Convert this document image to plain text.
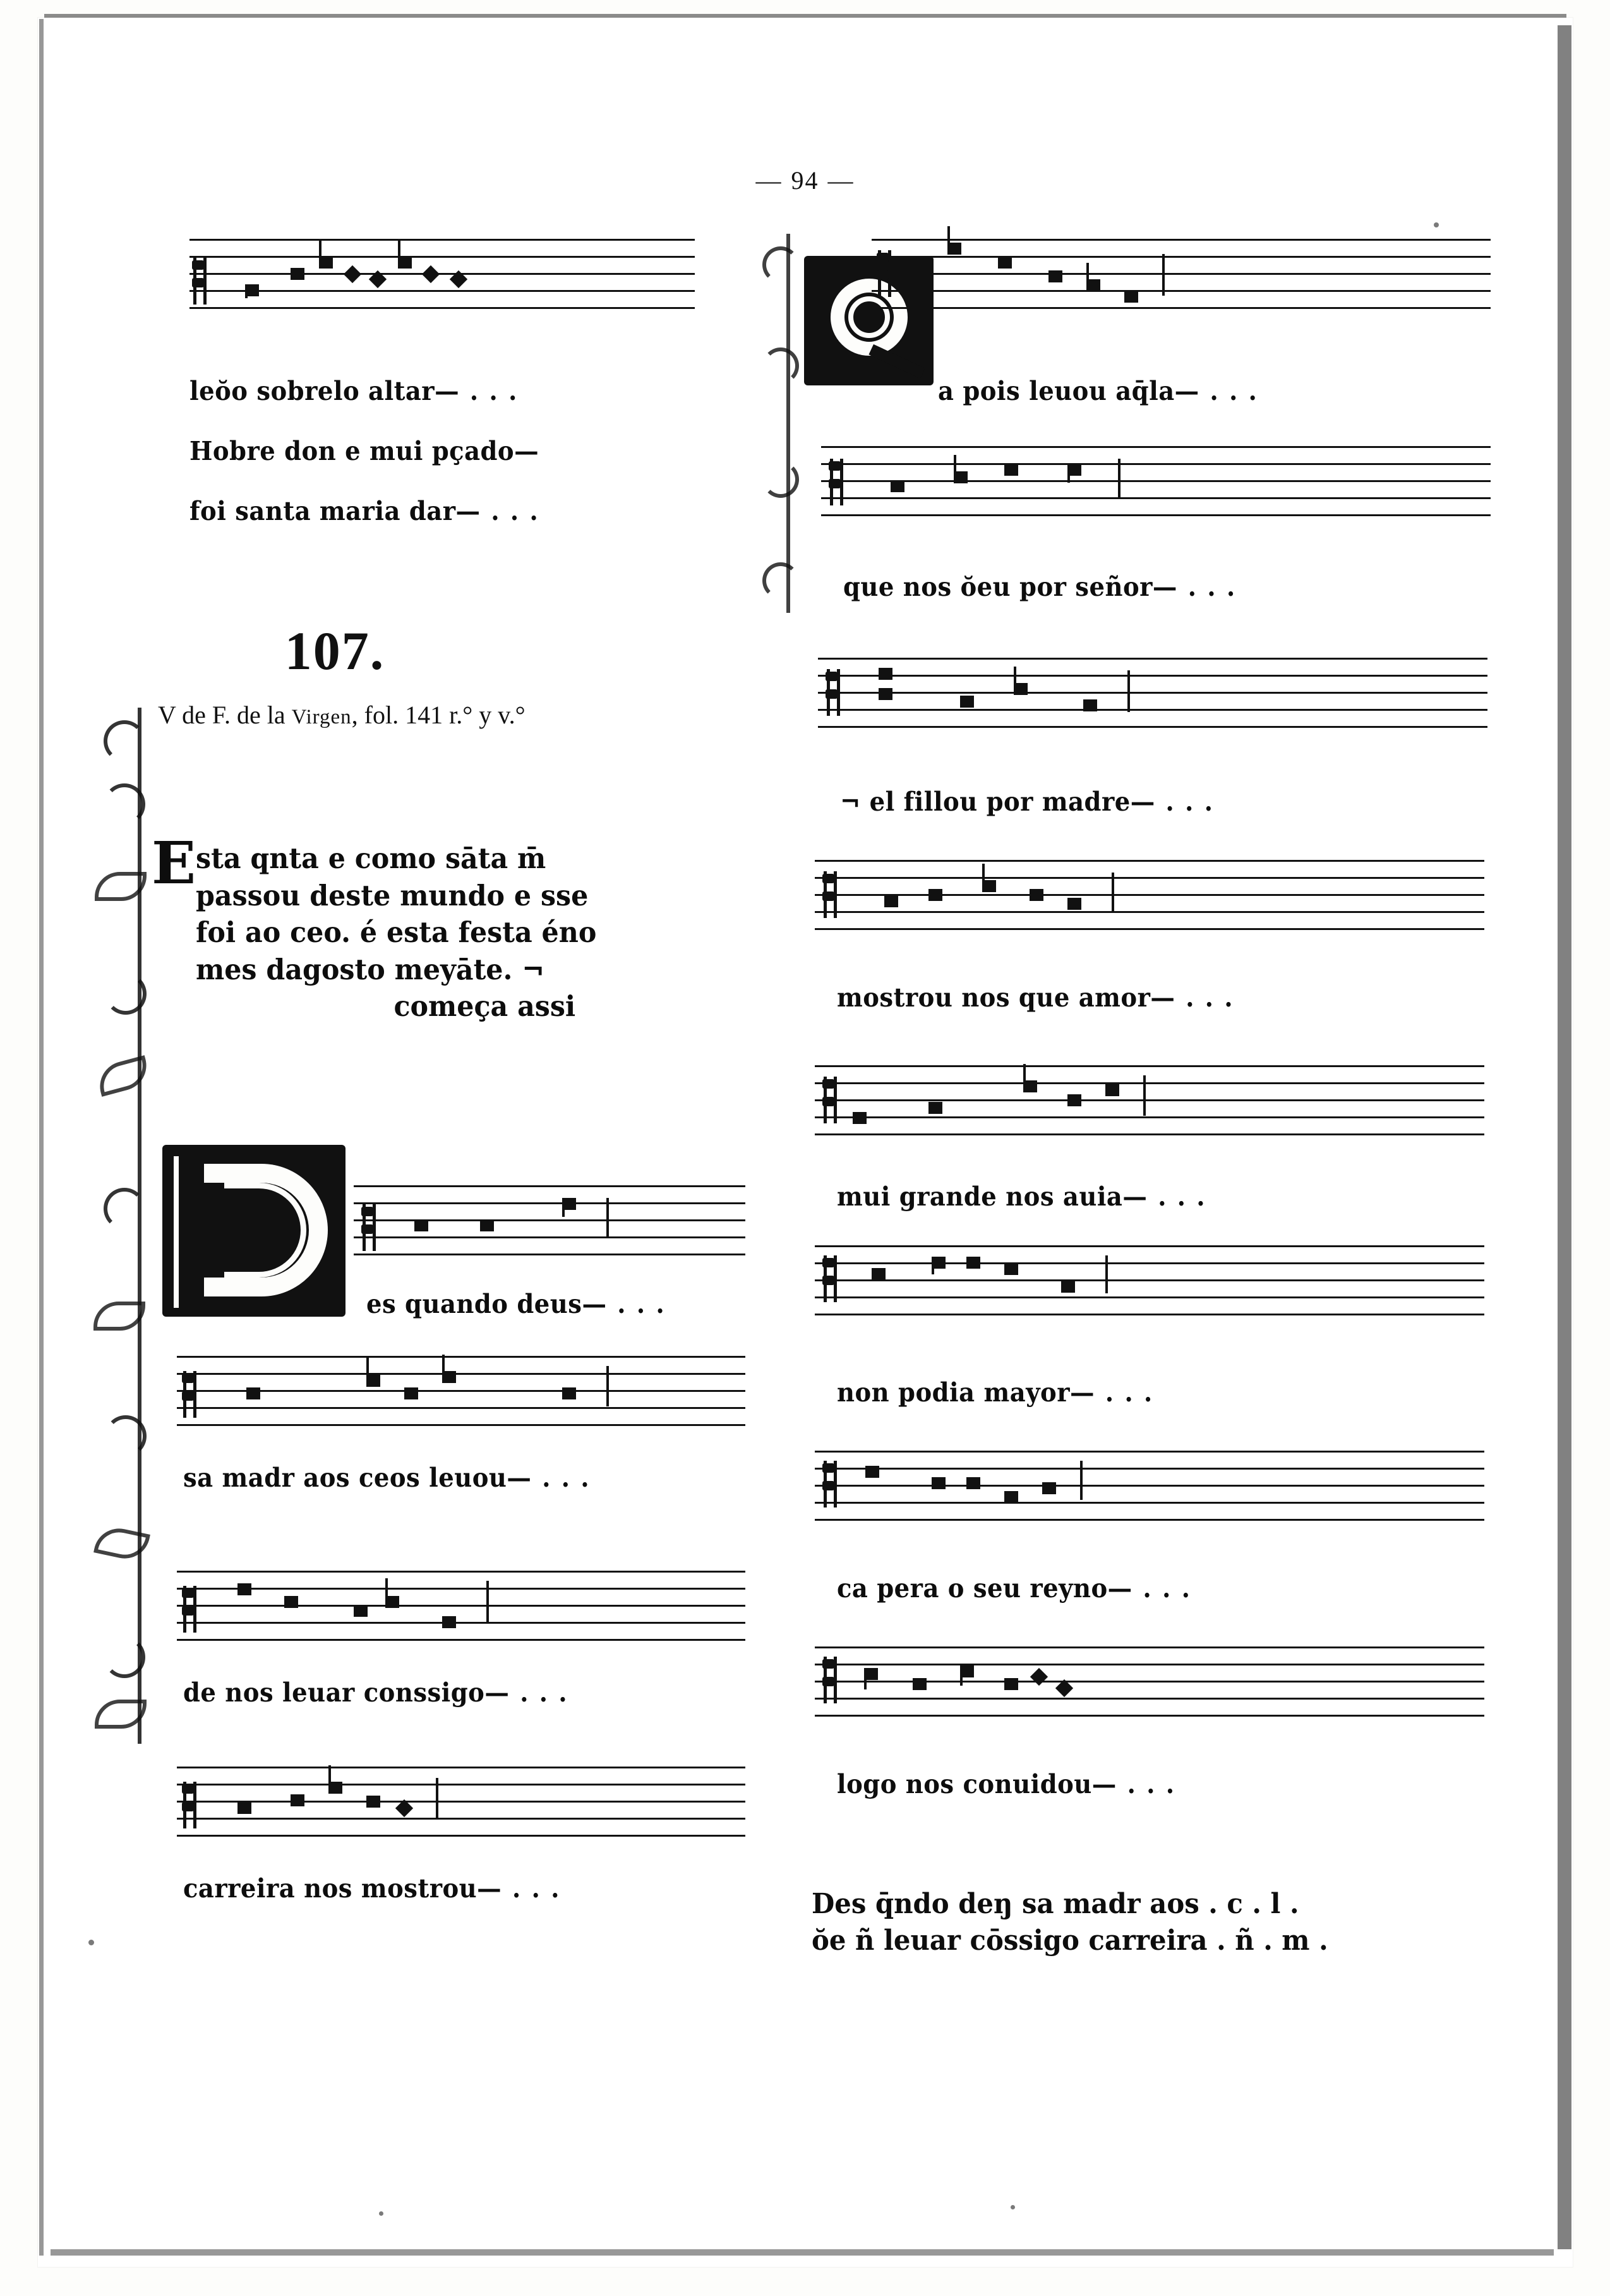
— 94 —
leŏo sobrelo altar— . . .
Hobre don e mui pçado—
foi santa maria dar— . . .
107.
V de F. de la Virgen, fol. 141 r.° y v.°
E sta qnta e como sāta m̄
passou deste mundo e sse
foi ao ceo. é esta festa éno
mes dagosto meyāte. ¬
começa assi
es quando deus— . . .
sa madr aos ceos leuou— . . .
de nos leuar conssigo— . . .
carreira nos mostrou— . . .
a pois leuou aq̄la— . . .
que nos ŏeu por señor— . . .
¬ el fillou por madre— . . .
mostrou nos que amor— . . .
mui grande nos auia— . . .
non podia mayor— . . .
ca pera o seu reyno— . . .
logo nos conuidou— . . .
Des q̄ndo deŋ sa madr aos . c . l .
ŏe ñ leuar cōssigo carreira . ñ . m .
